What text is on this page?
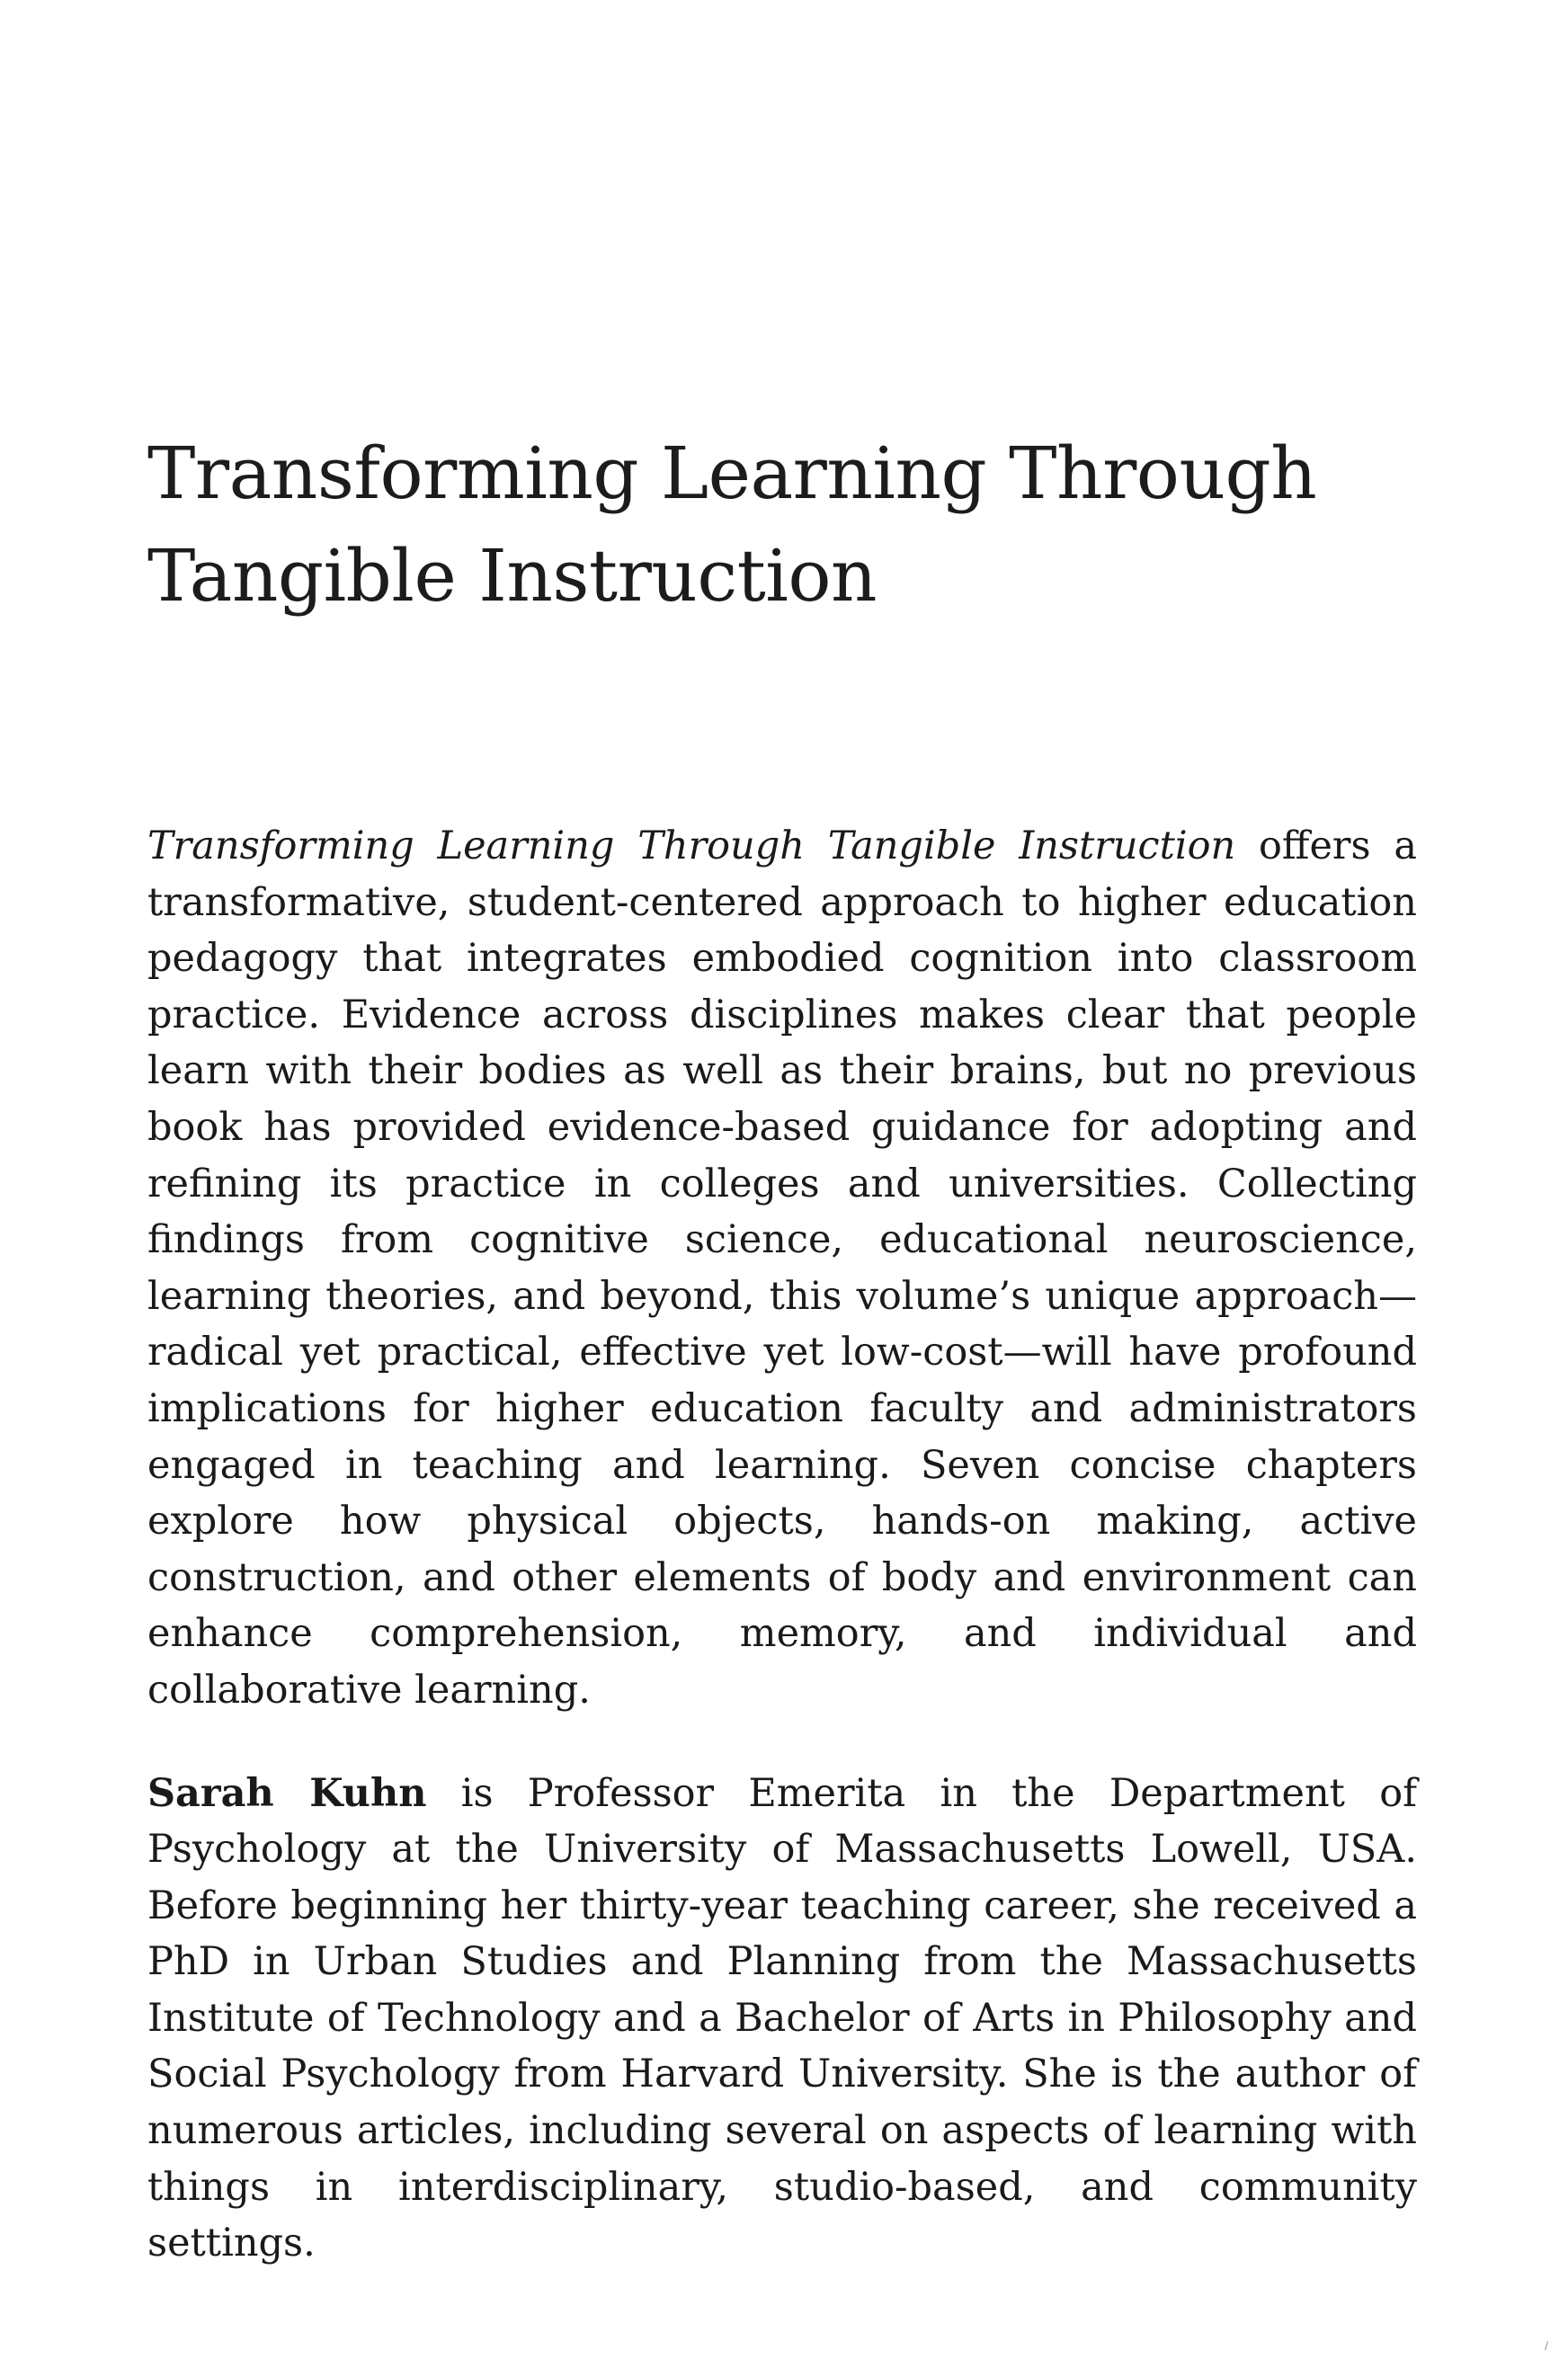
Transforming Learning Through
Tangible Instruction

Transforming Learning Through Tangible Instruction offers a transformative, student-centered approach to higher education pedagogy that integrates embodied cognition into classroom practice. Evidence across disciplines makes clear that people learn with their bodies as well as their brains, but no previous book has provided evidence-based guidance for adopting and refining its practice in colleges and universities. Collecting findings from cognitive science, educational neuroscience, learning theories, and beyond, this volume’s unique approach—radical yet practical, effective yet low-cost—will have profound implications for higher education faculty and administrators engaged in teaching and learning. Seven concise chapters explore how physical objects, hands-on making, active construction, and other elements of body and environment can enhance comprehension, memory, and individual and collaborative learning.

Sarah Kuhn is Professor Emerita in the Department of Psychology at the University of Massachusetts Lowell, USA. Before beginning her thirty-year teaching career, she received a PhD in Urban Studies and Planning from the Massachusetts Institute of Technology and a Bachelor of Arts in Philosophy and Social Psychology from Harvard University. She is the author of numerous articles, including several on aspects of learning with things in interdisciplinary, studio-based, and community settings.

∕
